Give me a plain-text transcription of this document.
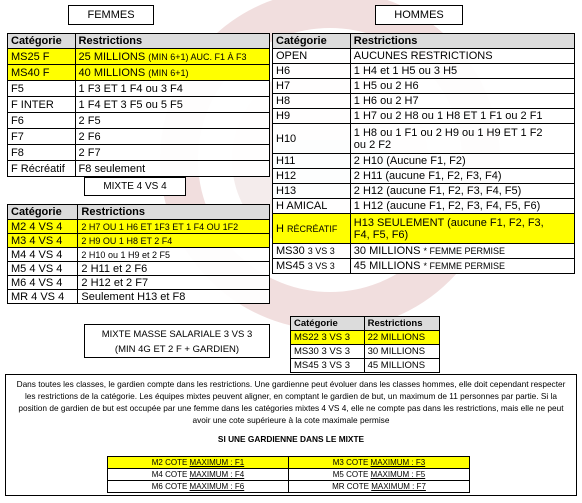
FEMMES	HOMMES
Catégorie	Restrictions
MS25 F	25 MILLIONS (MIN 6+1) AUC. F1 À F3
MS40 F	40 MILLIONS (MIN 6+1)
F5	1 F3 ET 1 F4 ou 3 F4
F INTER	1 F4 ET 3 F5 ou 5 F5
F6	2 F5
F7	2 F6
F8	2 F7
F Récréatif	F8 seulement
MIXTE 4 VS 4
Catégorie	Restrictions
M2 4 VS 4	2 H7 OU 1 H6 ET 1F3 ET 1 F4 OU 1F2
M3 4 VS 4	2 H9 OU 1 H8 ET 2 F4
M4 4 VS 4	2 H10 ou 1 H9 et 2 F5
M5 4 VS 4	2 H11 et 2 F6
M6 4 VS 4	2 H12 et 2 F7
MR 4 VS 4	Seulement H13 et F8
Catégorie	Restrictions
OPEN	AUCUNES RESTRICTIONS
H6	1 H4 et 1 H5 ou 3 H5
H7	1 H5 ou 2 H6
H8	1 H6 ou 2 H7
H9	1 H7 ou 2 H8 ou 1 H8 ET 1 F1 ou 2 F1
H10	1 H8 ou 1 F1 ou 2 H9 ou 1 H9 ET 1 F2
ou 2 F2
H11	2 H10 (Aucune F1, F2)
H12	2 H11 (aucune F1, F2, F3, F4)
H13	2 H12 (aucune F1, F2, F3, F4, F5)
H AMICAL	1 H12 (aucune F1, F2, F3, F4, F5, F6)
H RÉCRÉATIF	H13 SEULEMENT (aucune F1, F2, F3,
F4, F5, F6)
MS30 3 VS 3	30 MILLIONS * FEMME PERMISE
MS45 3 VS 3	45 MILLIONS * FEMME PERMISE
MIXTE MASSE SALARIALE 3 VS 3
(MIN 4G ET 2 F + GARDIEN)
Catégorie	Restrictions
MS22 3 VS 3	22 MILLIONS
MS30 3 VS 3	30 MILLIONS
MS45 3 VS 3	45 MILLIONS

Dans toutes les classes, le gardien compte dans les restrictions. Une gardienne peut évoluer dans les classes hommes, elle doit cependant respecter les restrictions de la catégorie. Les équipes mixtes peuvent aligner, en comptant le gardien de but, un maximum de 11 personnes par partie. Si la position de gardien de but est occupée par une femme dans les catégories mixtes 4 VS 4, elle ne compte pas dans les restrictions, mais elle ne peut avoir une cote supérieure à la cote maximale permise

SI UNE GARDIENNE DANS LE MIXTE

M2 COTE MAXIMUM : F1	M3 COTE MAXIMUM : F3
M4 COTE MAXIMUM : F4	M5 COTE MAXIMUM : F5
M6 COTE MAXIMUM : F6	MR COTE MAXIMUM : F7
